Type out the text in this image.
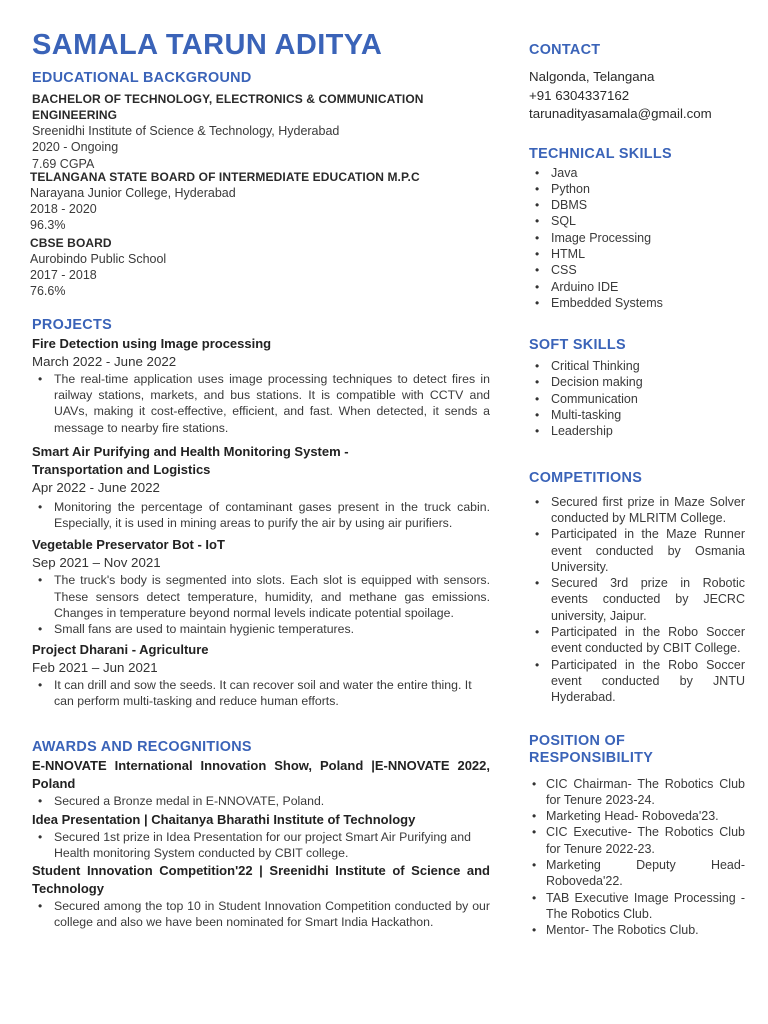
SAMALA TARUN ADITYA
EDUCATIONAL BACKGROUND
BACHELOR OF TECHNOLOGY, ELECTRONICS & COMMUNICATION ENGINEERING
Sreenidhi Institute of Science & Technology, Hyderabad
2020 - Ongoing
7.69 CGPA
TELANGANA STATE BOARD OF INTERMEDIATE EDUCATION M.P.C
Narayana Junior College, Hyderabad
2018 - 2020
96.3%
CBSE BOARD
Aurobindo Public School
2017 - 2018
76.6%
PROJECTS
Fire Detection using Image processing
March 2022 - June 2022
• The real-time application uses image processing techniques to detect fires in railway stations, markets, and bus stations. It is compatible with CCTV and UAVs, making it cost-effective, efficient, and fast. When detected, it sends a message to nearby fire stations.
Smart Air Purifying and Health Monitoring System - Transportation and Logistics
Apr 2022 - June 2022
• Monitoring the percentage of contaminant gases present in the truck cabin. Especially, it is used in mining areas to purify the air by using air purifiers.
Vegetable Preservator Bot - IoT
Sep 2021 – Nov 2021
• The truck's body is segmented into slots. Each slot is equipped with sensors. These sensors detect temperature, humidity, and methane gas emissions. Changes in temperature beyond normal levels indicate potential spoilage.
• Small fans are used to maintain hygienic temperatures.
Project Dharani - Agriculture
Feb 2021 – Jun 2021
• It can drill and sow the seeds. It can recover soil and water the entire thing. It can perform multi-tasking and reduce human efforts.
AWARDS AND RECOGNITIONS
E-NNOVATE International Innovation Show, Poland |E-NNOVATE 2022, Poland
• Secured a Bronze medal in E-NNOVATE, Poland.
Idea Presentation | Chaitanya Bharathi Institute of Technology
• Secured 1st prize in Idea Presentation for our project Smart Air Purifying and Health monitoring System conducted by CBIT college.
Student Innovation Competition'22 | Sreenidhi Institute of Science and Technology
• Secured among the top 10 in Student Innovation Competition conducted by our college and also we have been nominated for Smart India Hackathon.
CONTACT
Nalgonda, Telangana
+91 6304337162
tarunadityasamala@gmail.com
TECHNICAL SKILLS
• Java
• Python
• DBMS
• SQL
• Image Processing
• HTML
• CSS
• Arduino IDE
• Embedded Systems
SOFT SKILLS
• Critical Thinking
• Decision making
• Communication
• Multi-tasking
• Leadership
COMPETITIONS
• Secured first prize in Maze Solver conducted by MLRITM College.
• Participated in the Maze Runner event conducted by Osmania University.
• Secured 3rd prize in Robotic events conducted by JECRC university, Jaipur.
• Participated in the Robo Soccer event conducted by CBIT College.
• Participated in the Robo Soccer event conducted by JNTU Hyderabad.
POSITION OF RESPONSIBILITY
• CIC Chairman- The Robotics Club for Tenure 2023-24.
• Marketing Head- Roboveda'23.
• CIC Executive- The Robotics Club for Tenure 2022-23.
• Marketing Deputy Head- Roboveda'22.
• TAB Executive Image Processing - The Robotics Club.
• Mentor- The Robotics Club.
